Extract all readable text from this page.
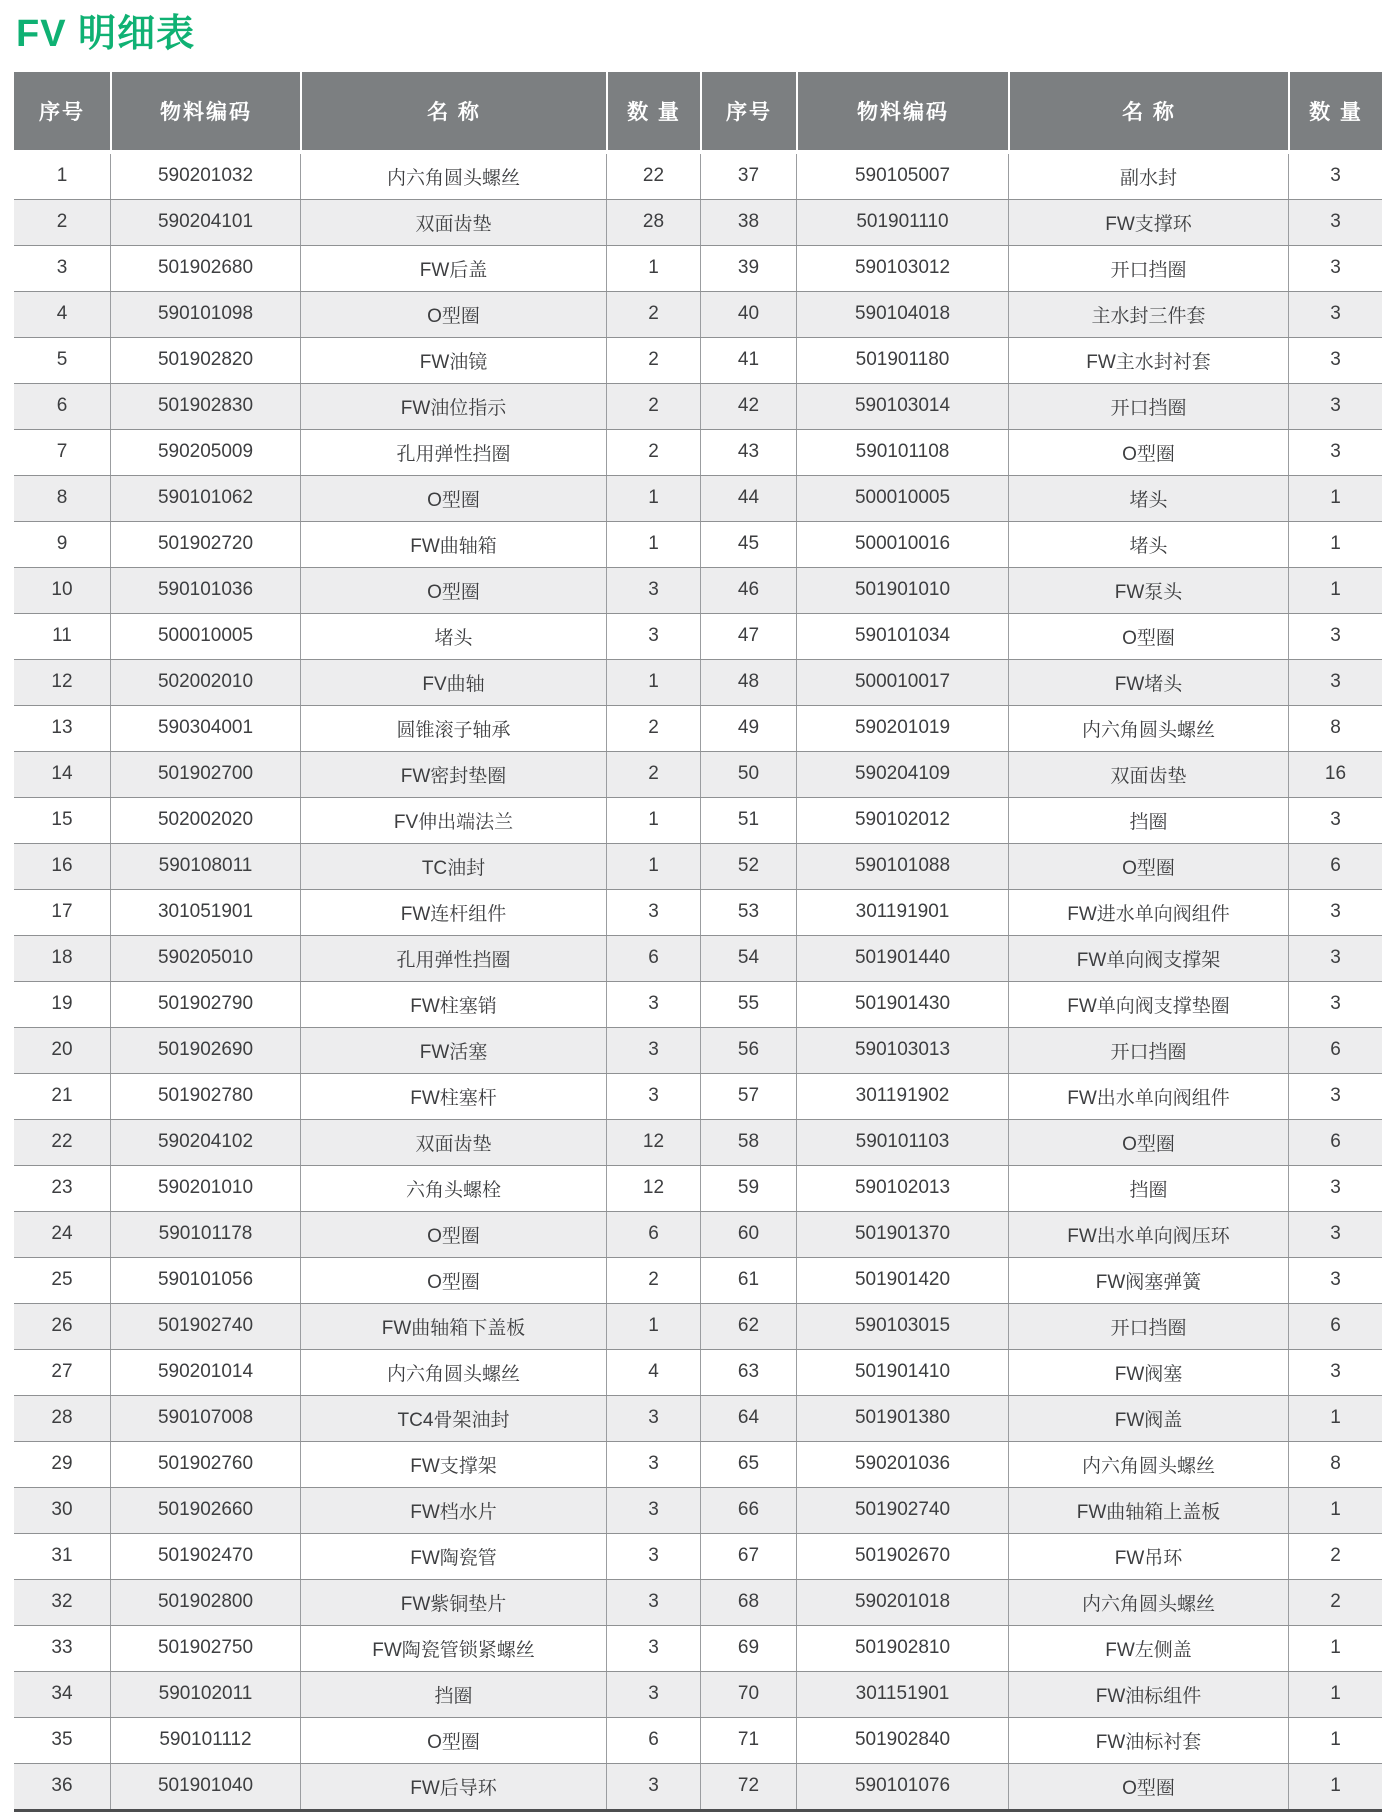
FV 明细表
序号	物料编码	名 称	数 量	序号	物料编码	名 称	数 量
1	590201032	内六角圆头螺丝	22	37	590105007	副水封	3
2	590204101	双面齿垫	28	38	501901110	FW支撑环	3
3	501902680	FW后盖	1	39	590103012	开口挡圈	3
4	590101098	O型圈	2	40	590104018	主水封三件套	3
5	501902820	FW油镜	2	41	501901180	FW主水封衬套	3
6	501902830	FW油位指示	2	42	590103014	开口挡圈	3
7	590205009	孔用弹性挡圈	2	43	590101108	O型圈	3
8	590101062	O型圈	1	44	500010005	堵头	1
9	501902720	FW曲轴箱	1	45	500010016	堵头	1
10	590101036	O型圈	3	46	501901010	FW泵头	1
11	500010005	堵头	3	47	590101034	O型圈	3
12	502002010	FV曲轴	1	48	500010017	FW堵头	3
13	590304001	圆锥滚子轴承	2	49	590201019	内六角圆头螺丝	8
14	501902700	FW密封垫圈	2	50	590204109	双面齿垫	16
15	502002020	FV伸出端法兰	1	51	590102012	挡圈	3
16	590108011	TC油封	1	52	590101088	O型圈	6
17	301051901	FW连杆组件	3	53	301191901	FW进水单向阀组件	3
18	590205010	孔用弹性挡圈	6	54	501901440	FW单向阀支撑架	3
19	501902790	FW柱塞销	3	55	501901430	FW单向阀支撑垫圈	3
20	501902690	FW活塞	3	56	590103013	开口挡圈	6
21	501902780	FW柱塞杆	3	57	301191902	FW出水单向阀组件	3
22	590204102	双面齿垫	12	58	590101103	O型圈	6
23	590201010	六角头螺栓	12	59	590102013	挡圈	3
24	590101178	O型圈	6	60	501901370	FW出水单向阀压环	3
25	590101056	O型圈	2	61	501901420	FW阀塞弹簧	3
26	501902740	FW曲轴箱下盖板	1	62	590103015	开口挡圈	6
27	590201014	内六角圆头螺丝	4	63	501901410	FW阀塞	3
28	590107008	TC4骨架油封	3	64	501901380	FW阀盖	1
29	501902760	FW支撑架	3	65	590201036	内六角圆头螺丝	8
30	501902660	FW档水片	3	66	501902740	FW曲轴箱上盖板	1
31	501902470	FW陶瓷管	3	67	501902670	FW吊环	2
32	501902800	FW紫铜垫片	3	68	590201018	内六角圆头螺丝	2
33	501902750	FW陶瓷管锁紧螺丝	3	69	501902810	FW左侧盖	1
34	590102011	挡圈	3	70	301151901	FW油标组件	1
35	590101112	O型圈	6	71	501902840	FW油标衬套	1
36	501901040	FW后导环	3	72	590101076	O型圈	1
